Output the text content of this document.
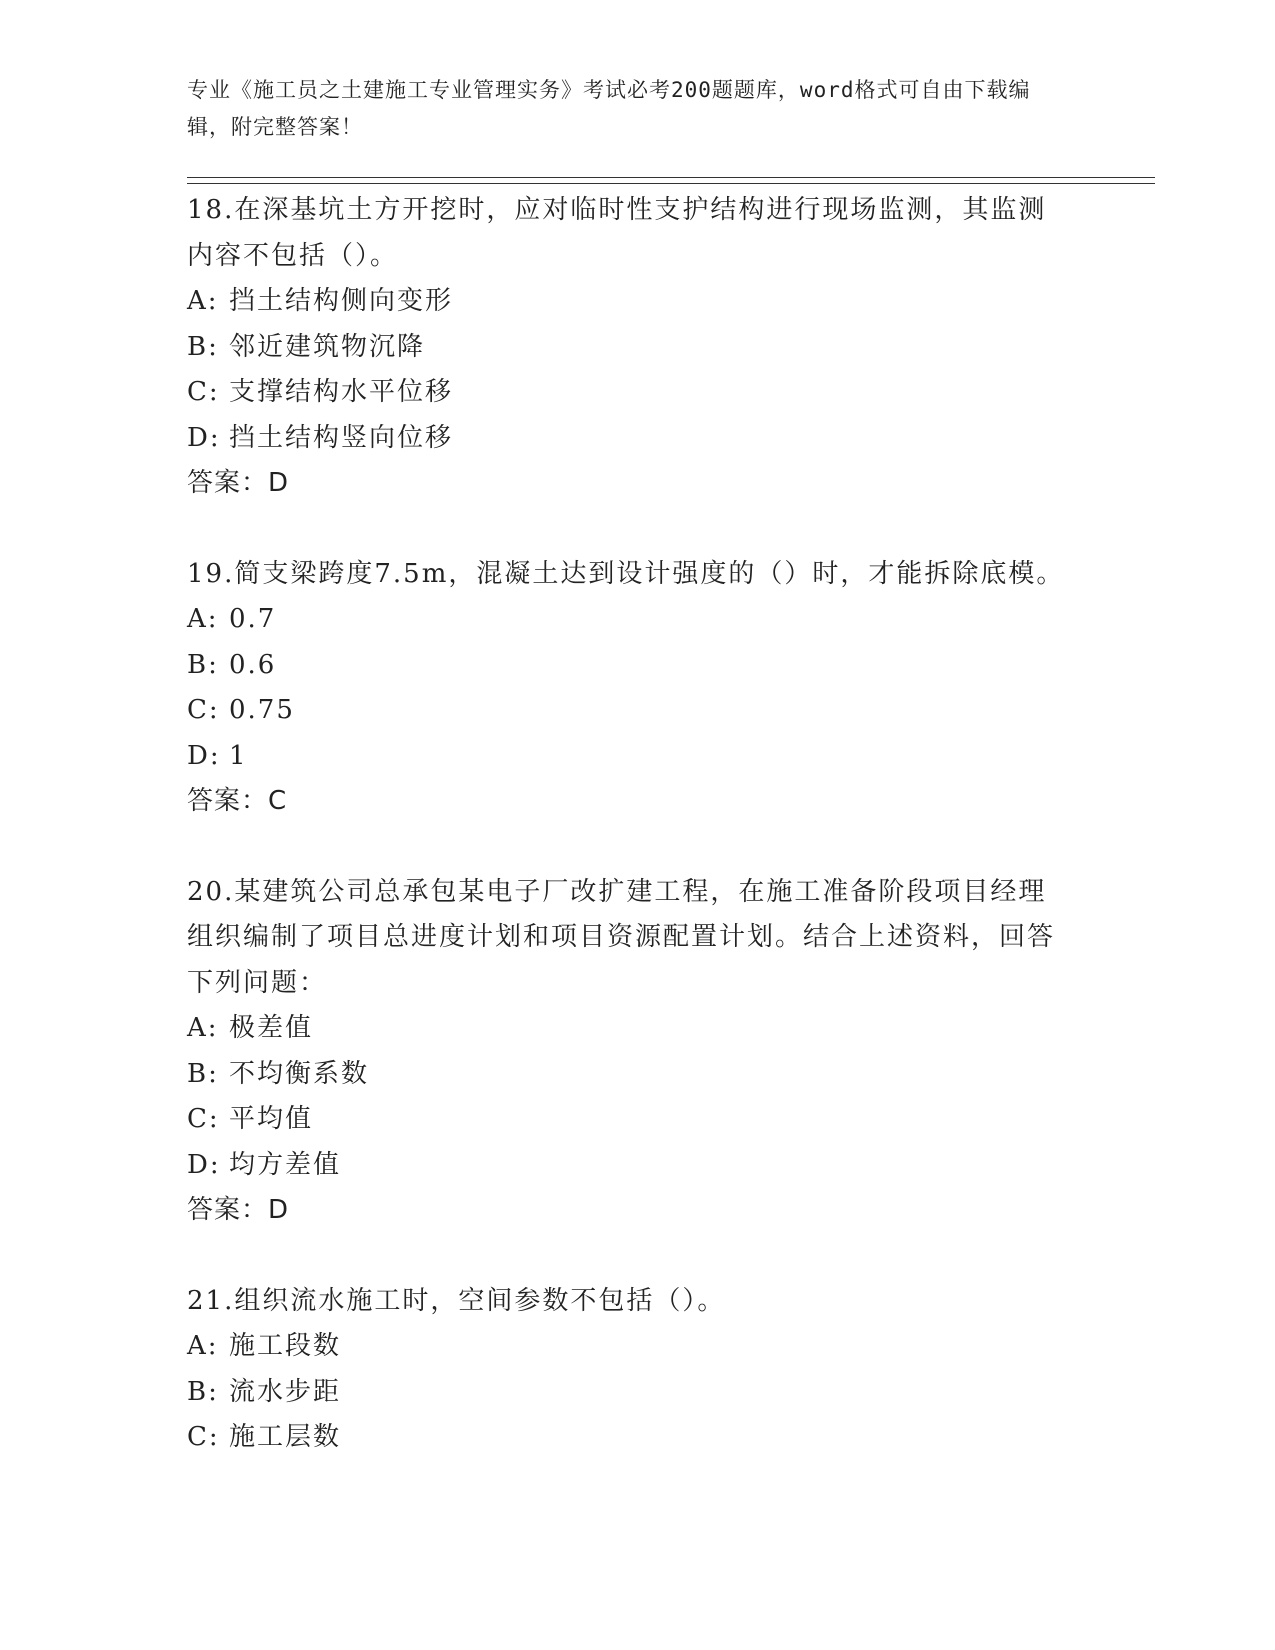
专业《施工员之土建施工专业管理实务》考试必考200题题库，word格式可自由下载编辑，附完整答案！

18.在深基坑土方开挖时，应对临时性支护结构进行现场监测，其监测内容不包括（）。

A: 挡土结构侧向变形

B: 邻近建筑物沉降

C: 支撑结构水平位移

D: 挡土结构竖向位移

答案：D

19.简支梁跨度7.5m，混凝土达到设计强度的（）时，才能拆除底模。

A: 0.7

B: 0.6

C: 0.75

D: 1

答案：C

20.某建筑公司总承包某电子厂改扩建工程，在施工准备阶段项目经理组织编制了项目总进度计划和项目资源配置计划。结合上述资料，回答下列问题：

A: 极差值

B: 不均衡系数

C: 平均值

D: 均方差值

答案：D

21.组织流水施工时，空间参数不包括（）。

A: 施工段数

B: 流水步距

C: 施工层数
